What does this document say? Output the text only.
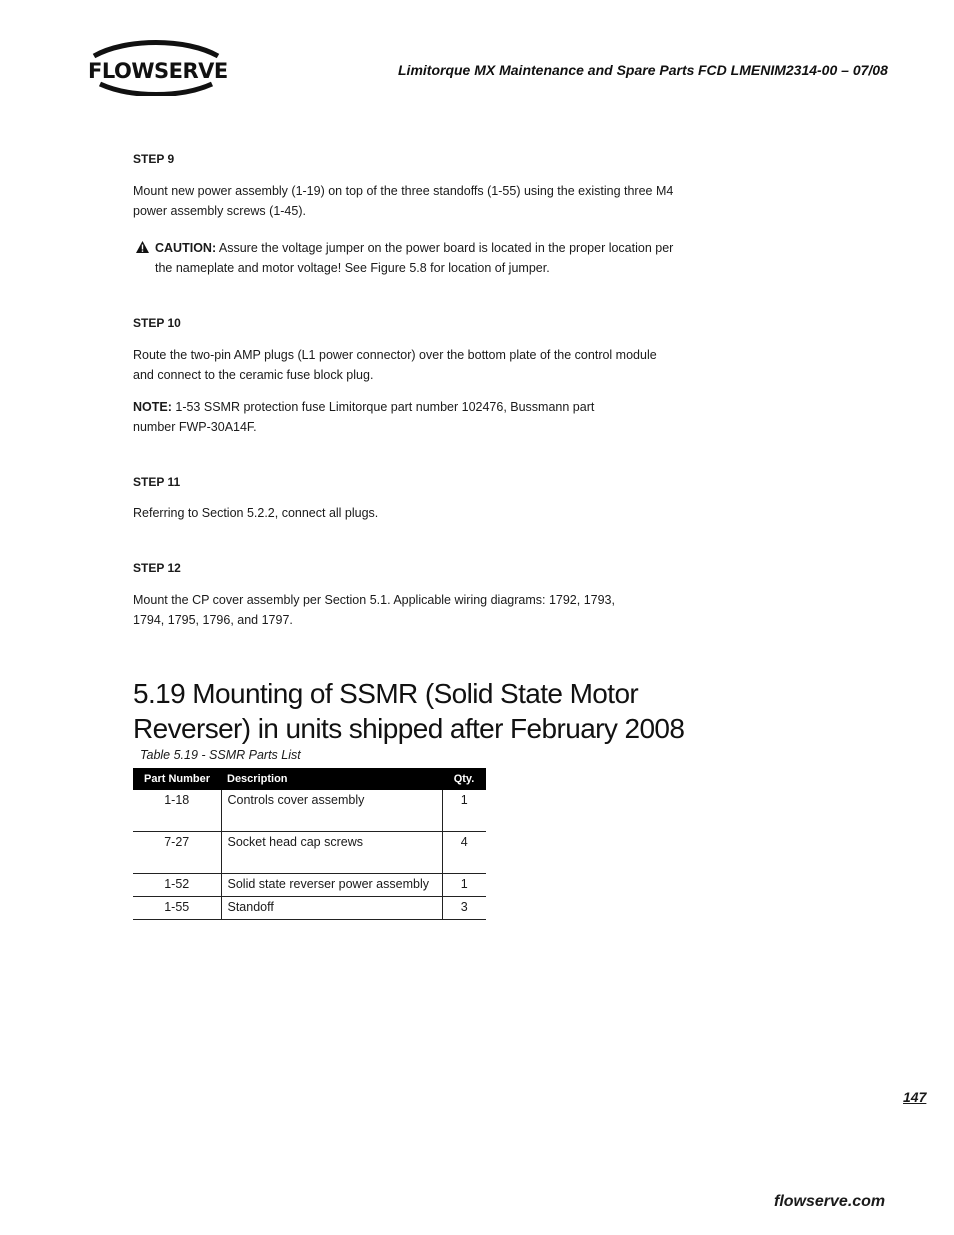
FLOWSERVE	Limitorque MX Maintenance and Spare Parts FCD LMENIM2314-00 – 07/08
STEP 9
Mount new power assembly (1-19) on top of the three standoffs (1-55) using the existing three M4 power assembly screws (1-45).
CAUTION: Assure the voltage jumper on the power board is located in the proper location per the nameplate and motor voltage! See Figure 5.8 for location of jumper.
STEP 10
Route the two-pin AMP plugs (L1 power connector) over the bottom plate of the control module and connect to the ceramic fuse block plug.
NOTE: 1-53 SSMR protection fuse Limitorque part number 102476, Bussmann part number FWP-30A14F.
STEP 11
Referring to Section 5.2.2, connect all plugs.
STEP 12
Mount the CP cover assembly per Section 5.1. Applicable wiring diagrams: 1792, 1793, 1794, 1795, 1796, and 1797.
5.19 Mounting of SSMR (Solid State Motor Reverser) in units shipped after February 2008
Table 5.19 - SSMR Parts List
Part Number	Description	Qty.
1-18	Controls cover assembly	1
7-27	Socket head cap screws	4
1-52	Solid state reverser power assembly	1
1-55	Standoff	3
147
flowserve.com
